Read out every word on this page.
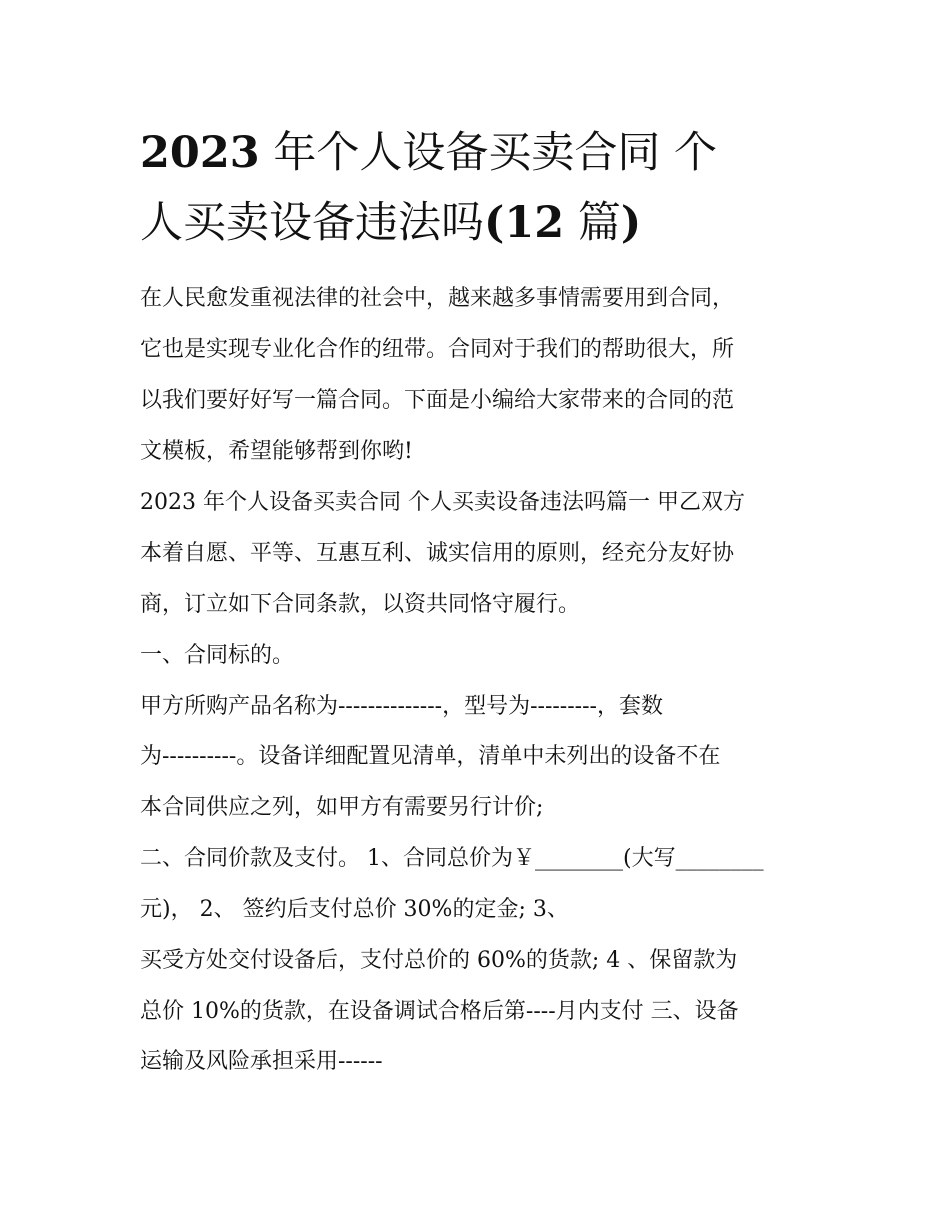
2023 年个人设备买卖合同 个
人买卖设备违法吗(12 篇)
在人民愈发重视法律的社会中，越来越多事情需要用到合同，
它也是实现专业化合作的纽带。合同对于我们的帮助很大，所
以我们要好好写一篇合同。下面是小编给大家带来的合同的范
文模板，希望能够帮到你哟!
2023 年个人设备买卖合同 个人买卖设备违法吗篇一 甲乙双方
本着自愿、平等、互惠互利、诚实信用的原则，经充分友好协
商，订立如下合同条款，以资共同恪守履行。
一、合同标的。
甲方所购产品名称为--------------，型号为---------，套数
为----------。设备详细配置见清单，清单中未列出的设备不在
本合同供应之列，如甲方有需要另行计价;
二、合同价款及支付。 1、合同总价为￥________(大写________
元)， 2、 签约后支付总价 30%的定金; 3、
买受方处交付设备后，支付总价的 60%的货款; 4 、保留款为
总价 10%的货款，在设备调试合格后第----月内支付 三、设备
运输及风险承担采用------
